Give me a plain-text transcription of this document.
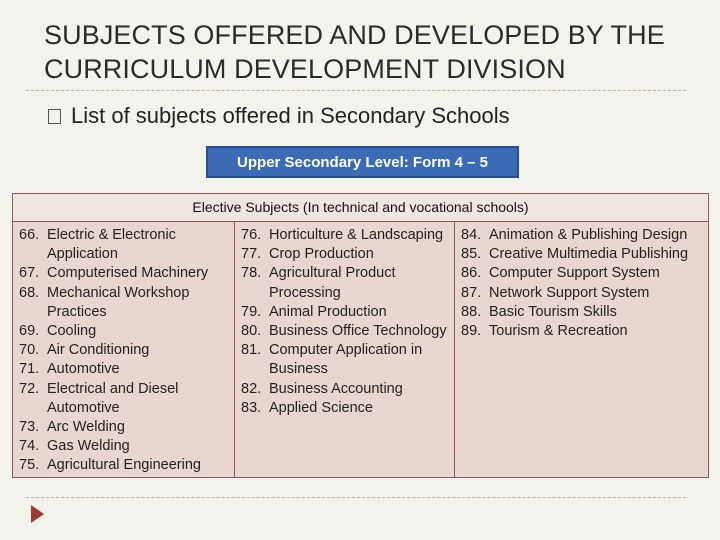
SUBJECTS OFFERED AND DEVELOPED BY THE CURRICULUM DEVELOPMENT DIVISION
List of subjects offered in Secondary Schools
Upper Secondary Level: Form 4 – 5
Elective Subjects (In technical and vocational schools)
66. Electric & Electronic Application
67. Computerised Machinery
68. Mechanical Workshop Practices
69. Cooling
70. Air Conditioning
71. Automotive
72. Electrical and Diesel Automotive
73. Arc Welding
74. Gas Welding
75. Agricultural Engineering
76. Horticulture & Landscaping
77. Crop Production
78. Agricultural Product Processing
79. Animal Production
80. Business Office Technology
81. Computer Application in Business
82. Business Accounting
83. Applied Science
84. Animation & Publishing Design
85. Creative Multimedia Publishing
86. Computer Support System
87. Network Support System
88. Basic Tourism Skills
89. Tourism & Recreation
